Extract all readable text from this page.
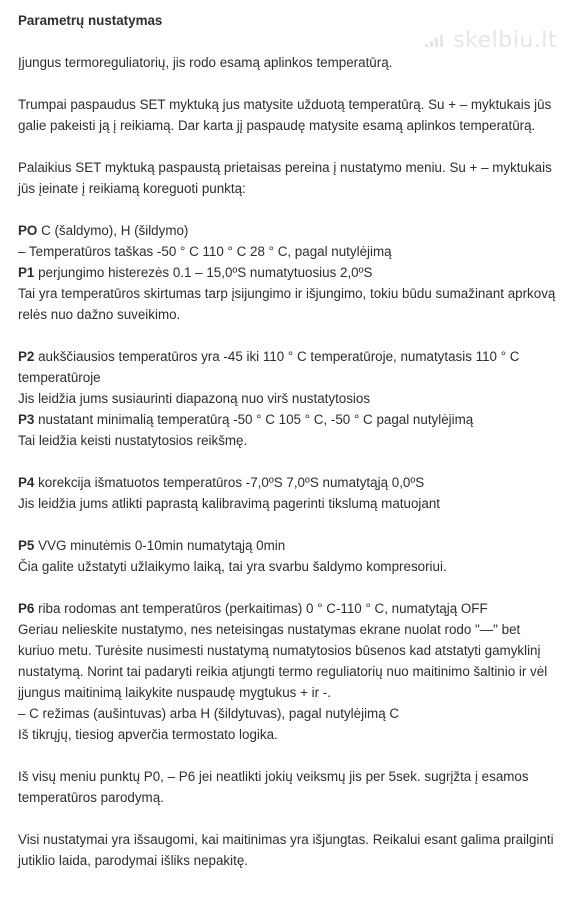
skelbiu.lt
Parametrų nustatymas
Įjungus termoreguliatorių, jis rodo esamą aplinkos temperatūrą.
Trumpai paspaudus SET myktuką jus matysite užduotą temperatūrą. Su + – myktukais jūs galie pakeisti ją į reikiamą. Dar karta jį paspaudę matysite esamą aplinkos temperatūrą.
Palaikius SET myktuką paspaustą prietaisas pereina į nustatymo meniu. Su + – myktukais jūs įeinate į reikiamą koreguoti punktą:
PO C (šaldymo), H (šildymo)
– Temperatūros taškas -50 ° C 110 ° C 28 ° C, pagal nutylėjimą
P1 perjungimo histerezės 0.1 – 15,0ºS numatytuosius 2,0ºS
Tai yra temperatūros skirtumas tarp įsijungimo ir išjungimo, tokiu būdu sumažinant aprkovą relės nuo dažno suveikimo.
P2 aukščiausios temperatūros yra -45 iki 110 ° C temperatūroje, numatytasis 110 ° C temperatūroje
Jis leidžia jums susiaurinti diapazoną nuo virš nustatytosios
P3 nustatant minimalią temperatūrą -50 ° C 105 ° C, -50 ° C pagal nutylėjimą
Tai leidžia keisti nustatytosios reikšmę.
P4 korekcija išmatuotos temperatūros -7,0ºS 7,0ºS numatytąją 0,0ºS
Jis leidžia jums atlikti paprastą kalibravimą pagerinti tikslumą matuojant
P5 VVG minutėmis 0-10min numatytąją 0min
Čia galite užstatyti užlaikymo laiką, tai yra svarbu šaldymo kompresoriui.
P6 riba rodomas ant temperatūros (perkaitimas) 0 ° C-110 ° C, numatytąją OFF
Geriau nelieskite nustatymo, nes neteisingas nustatymas ekrane nuolat rodo "—" bet kuriuo metu. Turėsite nusimesti nustatymą numatytosios būsenos kad atstatyti gamyklinį nustatymą. Norint tai padaryti reikia atjungti termo reguliatorių nuo maitinimo šaltinio ir vėl įjungus maitinimą laikykite nuspaudę mygtukus + ir -.
– C režimas (aušintuvas) arba H (šildytuvas), pagal nutylėjimą C
Iš tikrųjų, tiesiog apverčia termostato logika.
Iš visų meniu punktų P0, – P6 jei neatlikti jokių veiksmų jis per 5sek. sugrįžta į esamos temperatūros parodymą.
Visi nustatymai yra išsaugomi, kai maitinimas yra išjungtas. Reikalui esant galima prailginti jutiklio laida, parodymai išliks nepakitę.
